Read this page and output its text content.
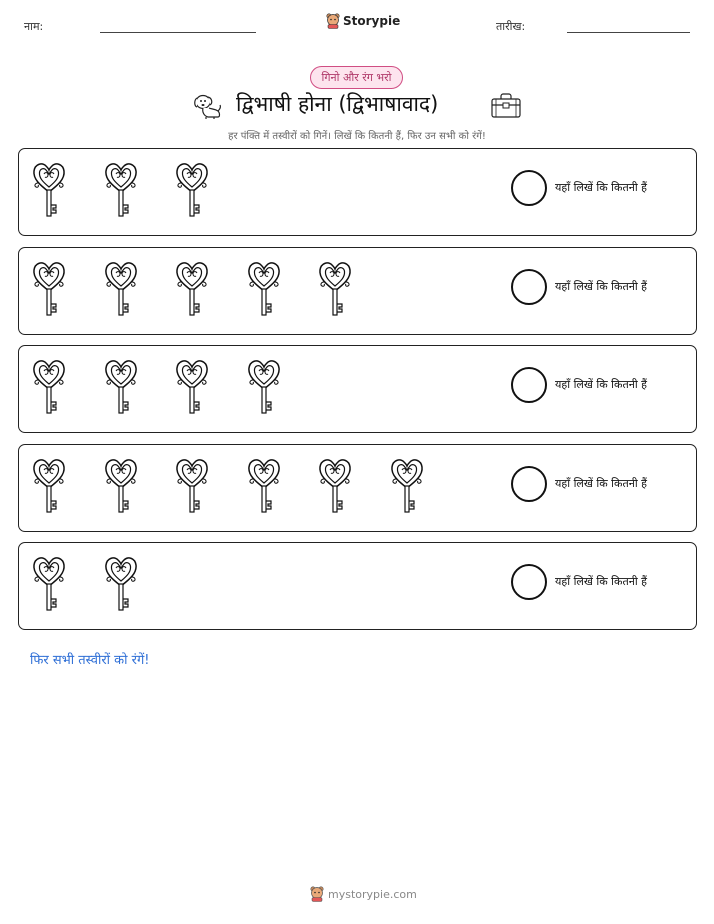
नाम:	Storypie	तारीख:
गिनो और रंग भरो
द्विभाषी होना (द्विभाषावाद)
हर पंक्ति में तस्वीरों को गिनें। लिखें कि कितनी हैं, फिर उन सभी को रंगें!
यहाँ लिखें कि कितनी हैं
यहाँ लिखें कि कितनी हैं
यहाँ लिखें कि कितनी हैं
यहाँ लिखें कि कितनी हैं
यहाँ लिखें कि कितनी हैं
फिर सभी तस्वीरों को रंगें!
mystorypie.com
